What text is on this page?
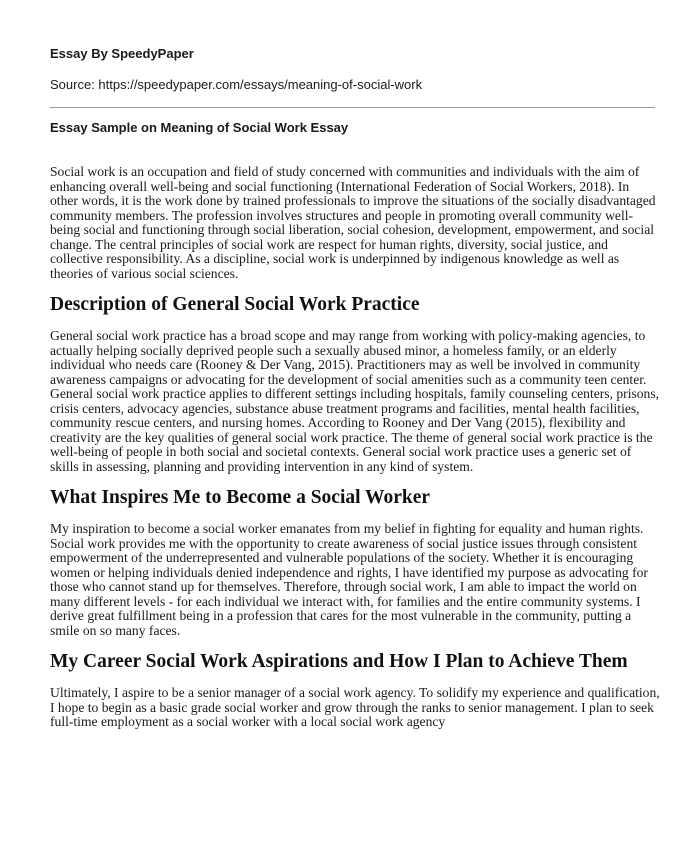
Essay By SpeedyPaper

Source: https://speedypaper.com/essays/meaning-of-social-work

Essay Sample on Meaning of Social Work Essay

Social work is an occupation and field of study concerned with communities and individuals with the aim of enhancing overall well-being and social functioning (International Federation of Social Workers, 2018). In other words, it is the work done by trained professionals to improve the situations of the socially disadvantaged community members. The profession involves structures and people in promoting overall community well-being social and functioning through social liberation, social cohesion, development, empowerment, and social change. The central principles of social work are respect for human rights, diversity, social justice, and collective responsibility. As a discipline, social work is underpinned by indigenous knowledge as well as theories of various social sciences.

Description of General Social Work Practice

General social work practice has a broad scope and may range from working with policy-making agencies, to actually helping socially deprived people such a sexually abused minor, a homeless family, or an elderly individual who needs care (Rooney & Der Vang, 2015). Practitioners may as well be involved in community awareness campaigns or advocating for the development of social amenities such as a community teen center. General social work practice applies to different settings including hospitals, family counseling centers, prisons, crisis centers, advocacy agencies, substance abuse treatment programs and facilities, mental health facilities, community rescue centers, and nursing homes. According to Rooney and Der Vang (2015), flexibility and creativity are the key qualities of general social work practice. The theme of general social work practice is the well-being of people in both social and societal contexts. General social work practice uses a generic set of skills in assessing, planning and providing intervention in any kind of system.

What Inspires Me to Become a Social Worker

My inspiration to become a social worker emanates from my belief in fighting for equality and human rights. Social work provides me with the opportunity to create awareness of social justice issues through consistent empowerment of the underrepresented and vulnerable populations of the society. Whether it is encouraging women or helping individuals denied independence and rights, I have identified my purpose as advocating for those who cannot stand up for themselves. Therefore, through social work, I am able to impact the world on many different levels - for each individual we interact with, for families and the entire community systems. I derive great fulfillment being in a profession that cares for the most vulnerable in the community, putting a smile on so many faces.

My Career Social Work Aspirations and How I Plan to Achieve Them

Ultimately, I aspire to be a senior manager of a social work agency. To solidify my experience and qualification, I hope to begin as a basic grade social worker and grow through the ranks to senior management. I plan to seek full-time employment as a social worker with a local social work agency
